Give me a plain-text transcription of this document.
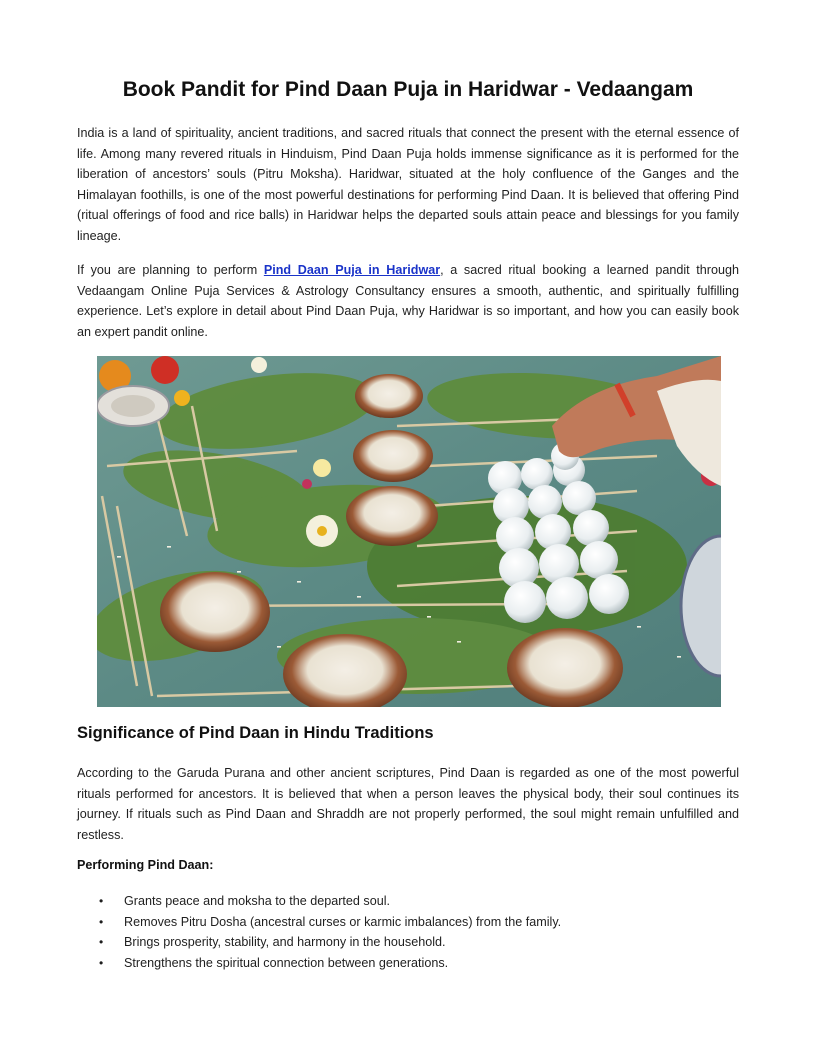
Book Pandit for Pind Daan Puja in Haridwar - Vedaangam

India is a land of spirituality, ancient traditions, and sacred rituals that connect the present with the eternal essence of life. Among many revered rituals in Hinduism, Pind Daan Puja holds immense significance as it is performed for the liberation of ancestors’ souls (Pitru Moksha). Haridwar, situated at the holy confluence of the Ganges and the Himalayan foothills, is one of the most powerful destinations for performing Pind Daan. It is believed that offering Pind (ritual offerings of food and rice balls) in Haridwar helps the departed souls attain peace and blessings for you family lineage.

If you are planning to perform Pind Daan Puja in Haridwar, a sacred ritual booking a learned pandit through Vedaangam Online Puja Services & Astrology Consultancy ensures a smooth, authentic, and spiritually fulfilling experience. Let’s explore in detail about Pind Daan Puja, why Haridwar is so important, and how you can easily book an expert pandit online.

Significance of Pind Daan in Hindu Traditions

According to the Garuda Purana and other ancient scriptures, Pind Daan is regarded as one of the most powerful rituals performed for ancestors. It is believed that when a person leaves the physical body, their soul continues its journey. If rituals such as Pind Daan and Shraddh are not properly performed, the soul might remain unfulfilled and restless.

Performing Pind Daan:

• Grants peace and moksha to the departed soul.
• Removes Pitru Dosha (ancestral curses or karmic imbalances) from the family.
• Brings prosperity, stability, and harmony in the household.
• Strengthens the spiritual connection between generations.
